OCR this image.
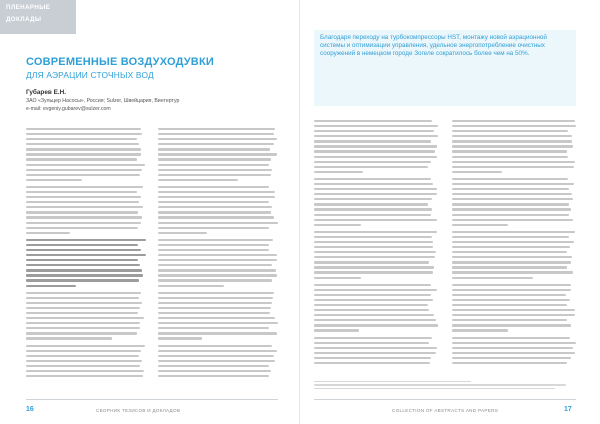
ПЛЕНАРНЫЕ
ДОКЛАДЫ
СОВРЕМЕННЫЕ ВОЗДУХОДУВКИ
ДЛЯ АЭРАЦИИ СТОЧНЫХ ВОД
Губарев Е.Н.
ЗАО «Зульцер Насосы», Россия; Sulzer, Швейцария, Винтертур
e-mail: evgeniy.gubarev@sulzer.com

Благодаря переходу на турбокомпрессоры HST, монтажу новой аэрационной системы и оптимизации управления, удельное энергопотребление очистных сооружений в немецком городе Зогеле сократилось более чем на 50%.

16	СБОРНИК ТЕЗИСОВ И ДОКЛАДОВ	COLLECTION OF ABSTRACTS AND PAPERS	17
